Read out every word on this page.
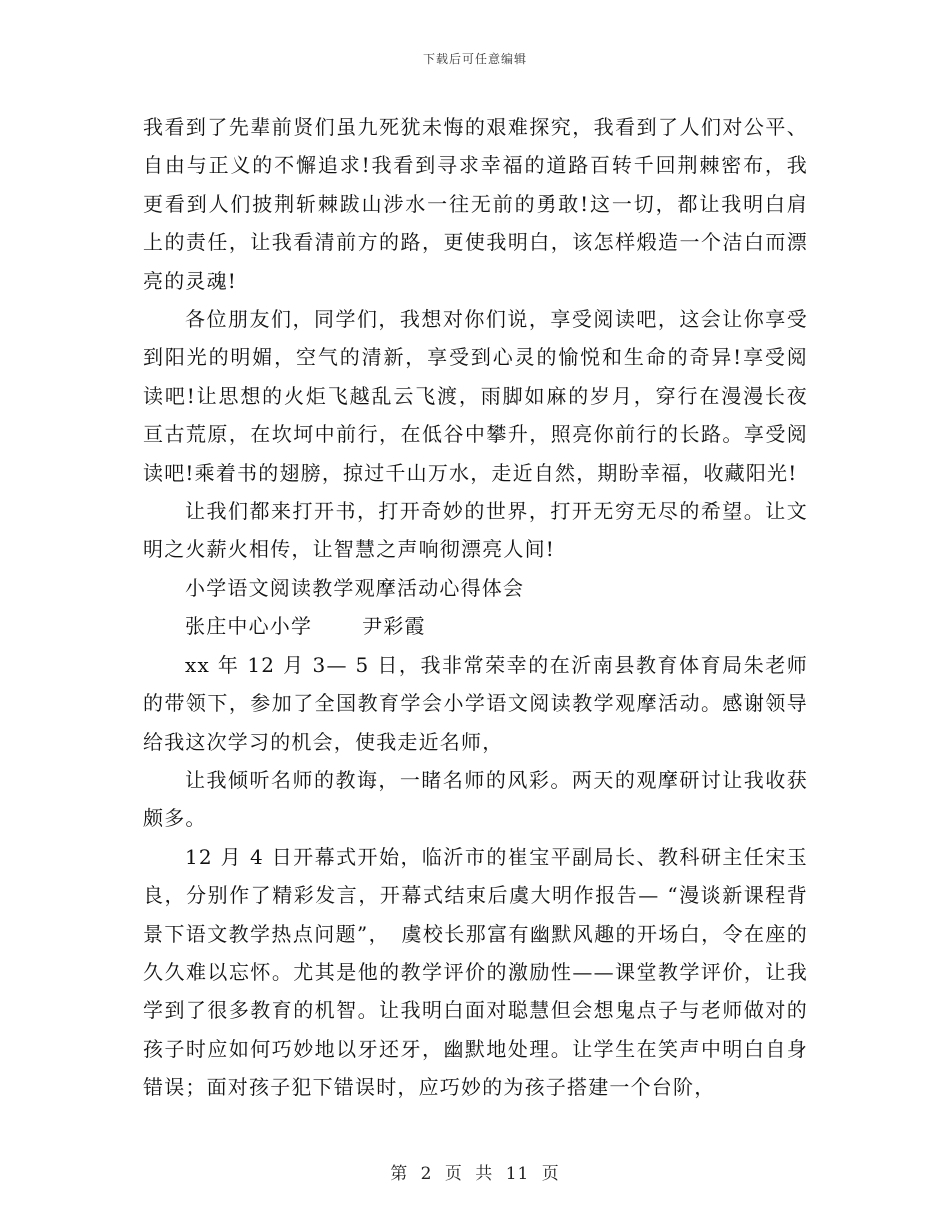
下载后可任意编辑

我看到了先辈前贤们虽九死犹未悔的艰难探究，我看到了人们对公平、自由与正义的不懈追求!我看到寻求幸福的道路百转千回荆棘密布，我更看到人们披荆斩棘跋山涉水一往无前的勇敢!这一切，都让我明白肩上的责任，让我看清前方的路，更使我明白，该怎样煅造一个洁白而漂亮的灵魂!

各位朋友们，同学们，我想对你们说，享受阅读吧，这会让你享受到阳光的明媚，空气的清新，享受到心灵的愉悦和生命的奇异!享受阅读吧!让思想的火炬飞越乱云飞渡，雨脚如麻的岁月，穿行在漫漫长夜亘古荒原，在坎坷中前行，在低谷中攀升，照亮你前行的长路。享受阅读吧!乘着书的翅膀，掠过千山万水，走近自然，期盼幸福，收藏阳光!

让我们都来打开书，打开奇妙的世界，打开无穷无尽的希望。让文明之火薪火相传，让智慧之声响彻漂亮人间!

小学语文阅读教学观摩活动心得体会

张庄中心小学　　 尹彩霞

xx 年 12 月 3— 5 日，我非常荣幸的在沂南县教育体育局朱老师的带领下，参加了全国教育学会小学语文阅读教学观摩活动。感谢领导给我这次学习的机会，使我走近名师，

让我倾听名师的教诲，一睹名师的风彩。两天的观摩研讨让我收获颇多。

12 月 4 日开幕式开始，临沂市的崔宝平副局长、教科研主任宋玉良，分别作了精彩发言，开幕式结束后虞大明作报告— “漫谈新课程背景下语文教学热点问题”，　虞校长那富有幽默风趣的开场白，令在座的久久难以忘怀。尤其是他的教学评价的激励性——课堂教学评价，让我学到了很多教育的机智。让我明白面对聪慧但会想鬼点子与老师做对的孩子时应如何巧妙地以牙还牙，幽默地处理。让学生在笑声中明白自身错误；面对孩子犯下错误时，应巧妙的为孩子搭建一个台阶，

第 2 页 共 11 页
